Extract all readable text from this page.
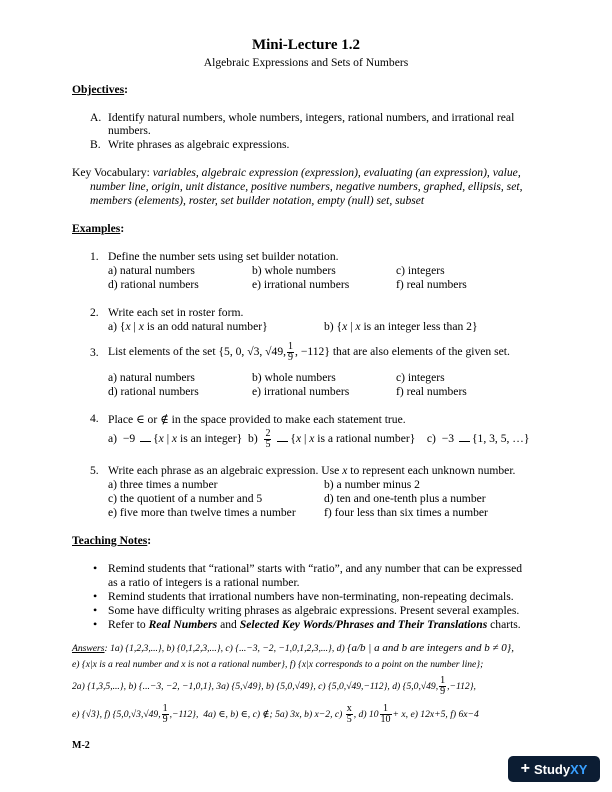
Mini-Lecture 1.2
Algebraic Expressions and Sets of Numbers
Objectives:
A. Identify natural numbers, whole numbers, integers, rational numbers, and irrational real
numbers.
B. Write phrases as algebraic expressions.
Key Vocabulary: variables, algebraic expression (expression), evaluating (an expression), value,
number line, origin, unit distance, positive numbers, negative numbers, graphed, ellipsis, set,
members (elements), roster, set builder notation, empty (null) set, subset
Examples:
1. Define the number sets using set builder notation.
a) natural numbers	b) whole numbers	c) integers
d) rational numbers	e) irrational numbers	f) real numbers
2. Write each set in roster form.
a) {x | x is an odd natural number}	b) {x | x is an integer less than 2}
3. List elements of the set {5, 0, √3, √49, $\frac{1}{9}$ , −112} that are also elements of the given set.
a) natural numbers	b) whole numbers	c) integers
d) rational numbers	e) irrational numbers	f) real numbers
4. Place ∈ or ∉ in the space provided to make each statement true.
a) −9 {x | x is an integer} $b) \frac{2}{5} \{x$ | x is a rational number} c) −3 {1, 3, 5, …}
5. Write each phrase as an algebraic expression. Use x to represent each unknown number.
a) three times a number	b) a number minus 2
c) the quotient of a number and 5	d) ten and one-tenth plus a number
e) five more than twelve times a number f) four less than six times a number
Teaching Notes:
• Remind students that “rational” starts with “ratio”, and any number that can be expressed
as a ratio of integers is a rational number.
• Remind students that irrational numbers have non-terminating, non-repeating decimals.
• Some have difficulty writing phrases as algebraic expressions. Present several examples.
• Refer to Real Numbers and Selected Key Words/Phrases and Their Translations charts.
Answers: 1a) {1,2,3,...}, b) {0,1,2,3,...}, c) {...−3, −2, −1,0,1,2,3,...}, d) {a/b | a and b are integers and b ≠ 0},
e) {x|x is a real number and x is not a rational number}, f) {x|x corresponds to a point on the number line};
2a) {1,3,5,...}, b) {...−3, −2, −1,0,1}, 3a) {5,√49}, b) {5,0,√49}, c) {5,0,√49,−112}, d) {5,0,√49, $\frac{1}{9} ,-112$},
e) {√3}, f) {5,0,√3,√49, $\frac{1}{9} ,-112$}, 4a) ∈, b) ∈, c) ∉; 5a) 3x, b) x−2, $c) \frac{x}{5}$ , d) $10 \frac{1}{10} + x$, e) 12x+5, f) 6x−4
M-2
+ Study XY
